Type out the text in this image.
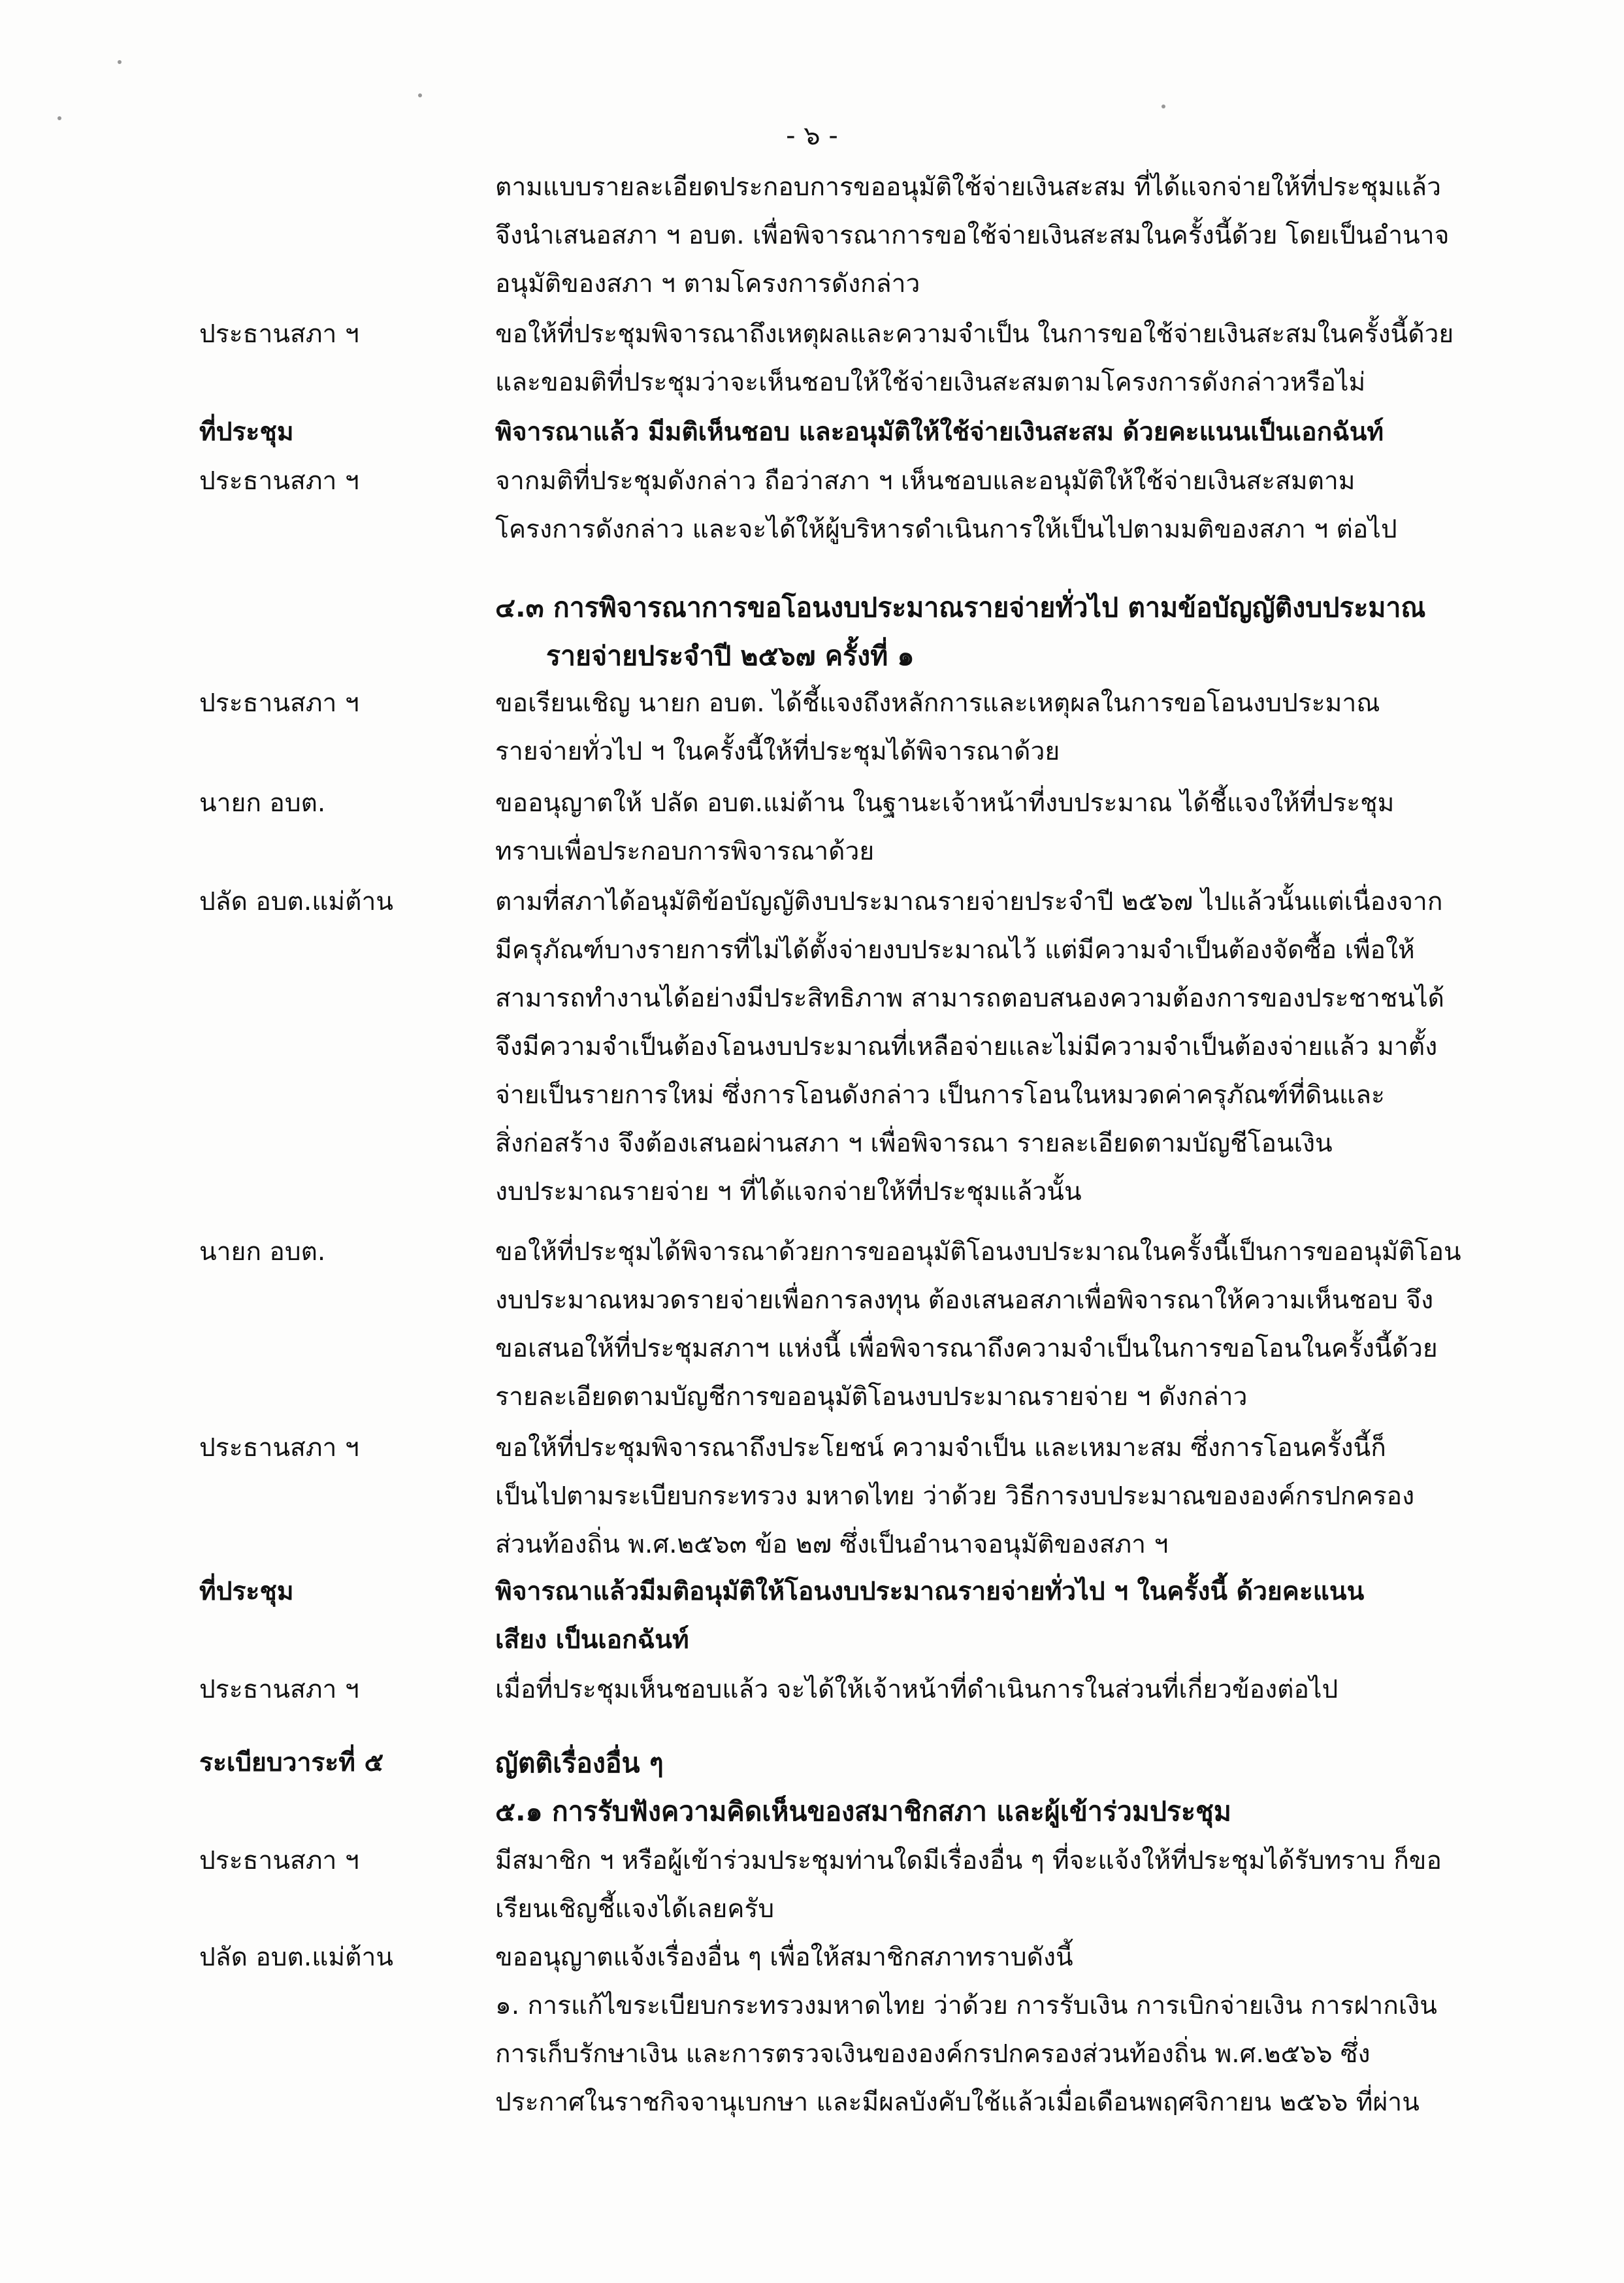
- ๖ -
ตามแบบรายละเอียดประกอบการขออนุมัติใช้จ่ายเงินสะสม ที่ได้แจกจ่ายให้ที่ประชุมแล้ว
จึงนำเสนอสภา ฯ อบต. เพื่อพิจารณาการขอใช้จ่ายเงินสะสมในครั้งนี้ด้วย โดยเป็นอำนาจ
อนุมัติของสภา ฯ ตามโครงการดังกล่าว
ประธานสภา ฯ	ขอให้ที่ประชุมพิจารณาถึงเหตุผลและความจำเป็น ในการขอใช้จ่ายเงินสะสมในครั้งนี้ด้วย
และขอมติที่ประชุมว่าจะเห็นชอบให้ใช้จ่ายเงินสะสมตามโครงการดังกล่าวหรือไม่
ที่ประชุม	พิจารณาแล้ว มีมติเห็นชอบ และอนุมัติให้ใช้จ่ายเงินสะสม ด้วยคะแนนเป็นเอกฉันท์
ประธานสภา ฯ	จากมติที่ประชุมดังกล่าว ถือว่าสภา ฯ เห็นชอบและอนุมัติให้ใช้จ่ายเงินสะสมตาม
โครงการดังกล่าว และจะได้ให้ผู้บริหารดำเนินการให้เป็นไปตามมติของสภา ฯ ต่อไป
๔.๓ การพิจารณาการขอโอนงบประมาณรายจ่ายทั่วไป ตามข้อบัญญัติงบประมาณ
รายจ่ายประจำปี ๒๕๖๗ ครั้งที่ ๑
ประธานสภา ฯ	ขอเรียนเชิญ นายก อบต. ได้ชี้แจงถึงหลักการและเหตุผลในการขอโอนงบประมาณ
รายจ่ายทั่วไป ฯ ในครั้งนี้ให้ที่ประชุมได้พิจารณาด้วย
นายก อบต.	ขออนุญาตให้ ปลัด อบต.แม่ต้าน ในฐานะเจ้าหน้าที่งบประมาณ ได้ชี้แจงให้ที่ประชุม
ทราบเพื่อประกอบการพิจารณาด้วย
ปลัด อบต.แม่ต้าน	ตามที่สภาได้อนุมัติข้อบัญญัติงบประมาณรายจ่ายประจำปี ๒๕๖๗ ไปแล้วนั้นแต่เนื่องจาก
มีครุภัณฑ์บางรายการที่ไม่ได้ตั้งจ่ายงบประมาณไว้ แต่มีความจำเป็นต้องจัดซื้อ เพื่อให้
สามารถทำงานได้อย่างมีประสิทธิภาพ สามารถตอบสนองความต้องการของประชาชนได้
จึงมีความจำเป็นต้องโอนงบประมาณที่เหลือจ่ายและไม่มีความจำเป็นต้องจ่ายแล้ว มาตั้ง
จ่ายเป็นรายการใหม่ ซึ่งการโอนดังกล่าว เป็นการโอนในหมวดค่าครุภัณฑ์ที่ดินและ
สิ่งก่อสร้าง จึงต้องเสนอผ่านสภา ฯ เพื่อพิจารณา รายละเอียดตามบัญชีโอนเงิน
งบประมาณรายจ่าย ฯ ที่ได้แจกจ่ายให้ที่ประชุมแล้วนั้น
นายก อบต.	ขอให้ที่ประชุมได้พิจารณาด้วยการขออนุมัติโอนงบประมาณในครั้งนี้เป็นการขออนุมัติโอน
งบประมาณหมวดรายจ่ายเพื่อการลงทุน ต้องเสนอสภาเพื่อพิจารณาให้ความเห็นชอบ จึง
ขอเสนอให้ที่ประชุมสภาฯ แห่งนี้ เพื่อพิจารณาถึงความจำเป็นในการขอโอนในครั้งนี้ด้วย
รายละเอียดตามบัญชีการขออนุมัติโอนงบประมาณรายจ่าย ฯ ดังกล่าว
ประธานสภา ฯ	ขอให้ที่ประชุมพิจารณาถึงประโยชน์ ความจำเป็น และเหมาะสม ซึ่งการโอนครั้งนี้ก็
เป็นไปตามระเบียบกระทรวง มหาดไทย ว่าด้วย วิธีการงบประมาณขององค์กรปกครอง
ส่วนท้องถิ่น พ.ศ.๒๕๖๓ ข้อ ๒๗ ซึ่งเป็นอำนาจอนุมัติของสภา ฯ
ที่ประชุม	พิจารณาแล้วมีมติอนุมัติให้โอนงบประมาณรายจ่ายทั่วไป ฯ ในครั้งนี้ ด้วยคะแนน
เสียง เป็นเอกฉันท์
ประธานสภา ฯ	เมื่อที่ประชุมเห็นชอบแล้ว จะได้ให้เจ้าหน้าที่ดำเนินการในส่วนที่เกี่ยวข้องต่อไป
ระเบียบวาระที่ ๕	ญัตติเรื่องอื่น ๆ
๕.๑ การรับฟังความคิดเห็นของสมาชิกสภา และผู้เข้าร่วมประชุม
ประธานสภา ฯ	มีสมาชิก ฯ หรือผู้เข้าร่วมประชุมท่านใดมีเรื่องอื่น ๆ ที่จะแจ้งให้ที่ประชุมได้รับทราบ ก็ขอ
เรียนเชิญชี้แจงได้เลยครับ
ปลัด อบต.แม่ต้าน	ขออนุญาตแจ้งเรื่องอื่น ๆ เพื่อให้สมาชิกสภาทราบดังนี้
๑. การแก้ไขระเบียบกระทรวงมหาดไทย ว่าด้วย การรับเงิน การเบิกจ่ายเงิน การฝากเงิน
การเก็บรักษาเงิน และการตรวจเงินขององค์กรปกครองส่วนท้องถิ่น พ.ศ.๒๕๖๖ ซึ่ง
ประกาศในราชกิจจานุเบกษา และมีผลบังคับใช้แล้วเมื่อเดือนพฤศจิกายน ๒๕๖๖ ที่ผ่าน
